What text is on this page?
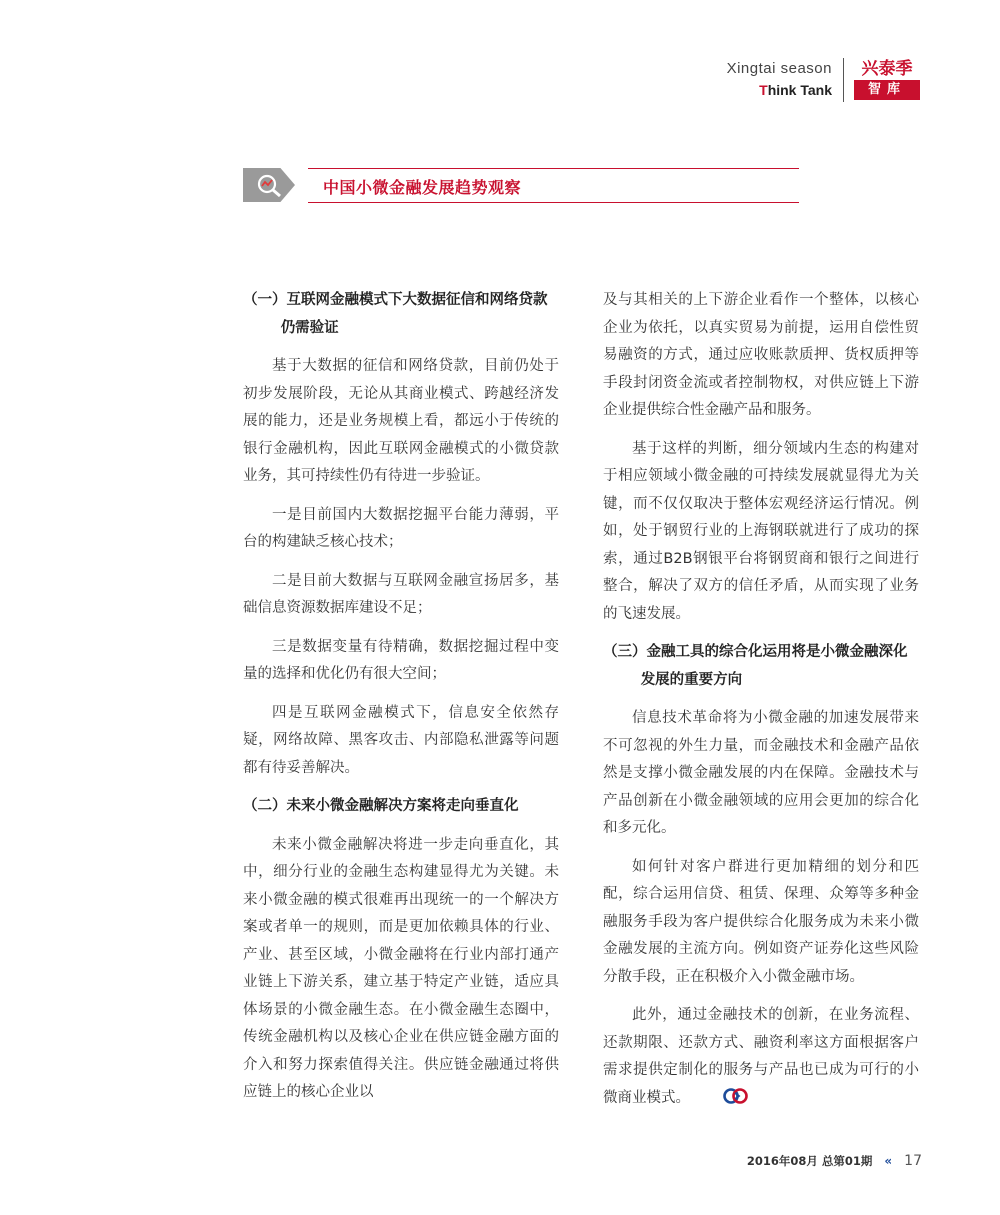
Xingtai season
Think Tank
兴泰季
智库
中国小微金融发展趋势观察
（一）互联网金融模式下大数据征信和网络贷款仍需验证

基于大数据的征信和网络贷款，目前仍处于初步发展阶段，无论从其商业模式、跨越经济发展的能力，还是业务规模上看，都远小于传统的银行金融机构，因此互联网金融模式的小微贷款业务，其可持续性仍有待进一步验证。

一是目前国内大数据挖掘平台能力薄弱，平台的构建缺乏核心技术；

二是目前大数据与互联网金融宣扬居多，基础信息资源数据库建设不足；

三是数据变量有待精确，数据挖掘过程中变量的选择和优化仍有很大空间；

四是互联网金融模式下，信息安全依然存疑，网络故障、黑客攻击、内部隐私泄露等问题都有待妥善解决。

（二）未来小微金融解决方案将走向垂直化

未来小微金融解决将进一步走向垂直化，其中，细分行业的金融生态构建显得尤为关键。未来小微金融的模式很难再出现统一的一个解决方案或者单一的规则，而是更加依赖具体的行业、产业、甚至区域，小微金融将在行业内部打通产业链上下游关系，建立基于特定产业链，适应具体场景的小微金融生态。在小微金融生态圈中，传统金融机构以及核心企业在供应链金融方面的介入和努力探索值得关注。供应链金融通过将供应链上的核心企业以

及与其相关的上下游企业看作一个整体，以核心企业为依托，以真实贸易为前提，运用自偿性贸易融资的方式，通过应收账款质押、货权质押等手段封闭资金流或者控制物权，对供应链上下游企业提供综合性金融产品和服务。

基于这样的判断，细分领域内生态的构建对于相应领域小微金融的可持续发展就显得尤为关键，而不仅仅取决于整体宏观经济运行情况。例如，处于钢贸行业的上海钢联就进行了成功的探索，通过B2B钢银平台将钢贸商和银行之间进行整合，解决了双方的信任矛盾，从而实现了业务的飞速发展。

（三）金融工具的综合化运用将是小微金融深化发展的重要方向

信息技术革命将为小微金融的加速发展带来不可忽视的外生力量，而金融技术和金融产品依然是支撑小微金融发展的内在保障。金融技术与产品创新在小微金融领域的应用会更加的综合化和多元化。

如何针对客户群进行更加精细的划分和匹配，综合运用信贷、租赁、保理、众筹等多种金融服务手段为客户提供综合化服务成为未来小微金融发展的主流方向。例如资产证券化这些风险分散手段，正在积极介入小微金融市场。

此外，通过金融技术的创新，在业务流程、还款期限、还款方式、融资利率这方面根据客户需求提供定制化的服务与产品也已成为可行的小微商业模式。

2016年08月 总第01期 « 17
